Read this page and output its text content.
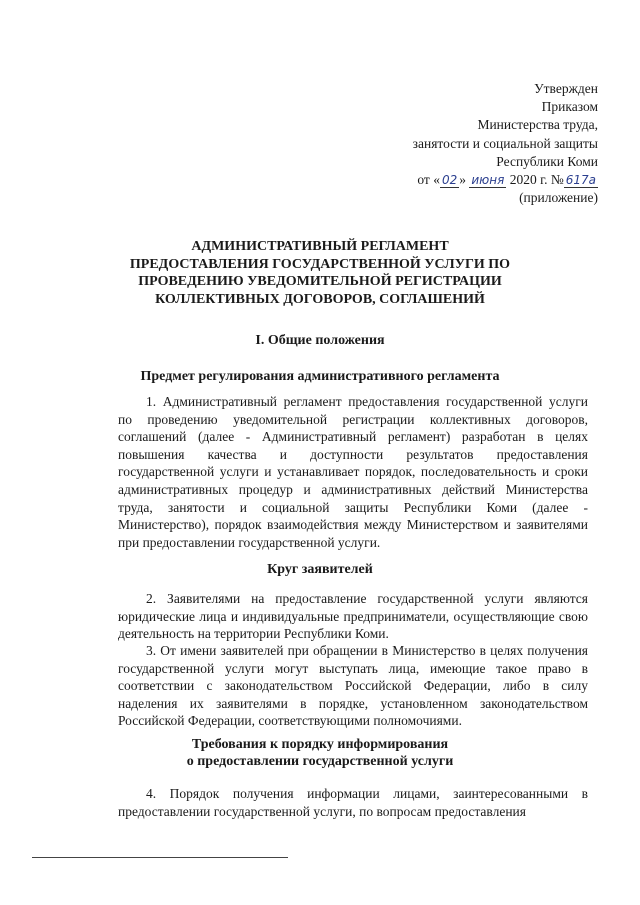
Утвержден
Приказом
Министерства труда,
занятости и социальной защиты
Республики Коми
от « 02 » июня 2020 г. № 617а
(приложение)
АДМИНИСТРАТИВНЫЙ РЕГЛАМЕНТ
ПРЕДОСТАВЛЕНИЯ ГОСУДАРСТВЕННОЙ УСЛУГИ ПО
ПРОВЕДЕНИЮ УВЕДОМИТЕЛЬНОЙ РЕГИСТРАЦИИ
КОЛЛЕКТИВНЫХ ДОГОВОРОВ, СОГЛАШЕНИЙ
I. Общие положения
Предмет регулирования административного регламента
1. Административный регламент предоставления государственной услуги по проведению уведомительной регистрации коллективных договоров, соглашений (далее - Административный регламент) разработан в целях повышения качества и доступности результатов предоставления государственной услуги и устанавливает порядок, последовательность и сроки административных процедур и административных действий Министерства труда, занятости и социальной защиты Республики Коми (далее - Министерство), порядок взаимодействия между Министерством и заявителями при предоставлении государственной услуги.
Круг заявителей
2. Заявителями на предоставление государственной услуги являются юридические лица и индивидуальные предприниматели, осуществляющие свою деятельность на территории Республики Коми.
3. От имени заявителей при обращении в Министерство в целях получения государственной услуги могут выступать лица, имеющие такое право в соответствии с законодательством Российской Федерации, либо в силу наделения их заявителями в порядке, установленном законодательством Российской Федерации, соответствующими полномочиями.
Требования к порядку информирования
о предоставлении государственной услуги
4. Порядок получения информации лицами, заинтересованными в предоставлении государственной услуги, по вопросам предоставления
